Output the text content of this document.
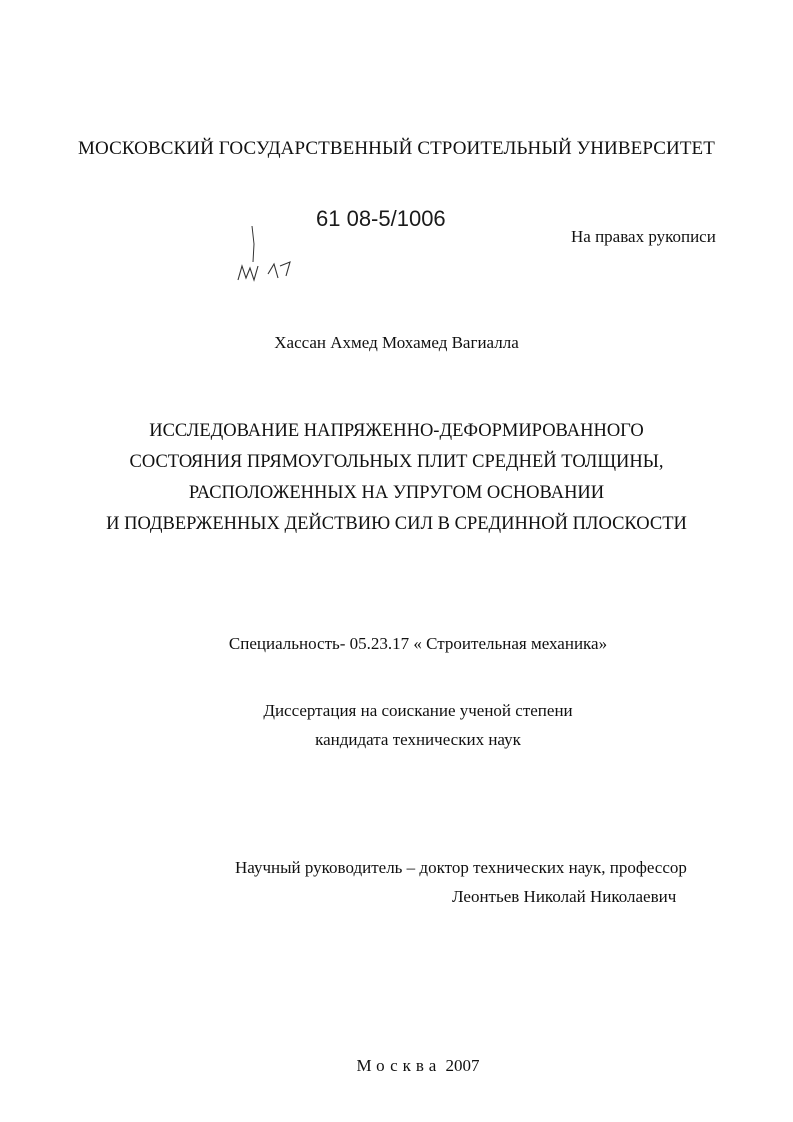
МОСКОВСКИЙ ГОСУДАРСТВЕННЫЙ СТРОИТЕЛЬНЫЙ УНИВЕРСИТЕТ
61 08-5/1006
На правах рукописи
Хассан Ахмед Мохамед Вагиалла
ИССЛЕДОВАНИЕ НАПРЯЖЕННО-ДЕФОРМИРОВАННОГО
СОСТОЯНИЯ ПРЯМОУГОЛЬНЫХ ПЛИТ СРЕДНЕЙ ТОЛЩИНЫ,
РАСПОЛОЖЕННЫХ НА УПРУГОМ ОСНОВАНИИ
И ПОДВЕРЖЕННЫХ ДЕЙСТВИЮ СИЛ В СРЕДИННОЙ ПЛОСКОСТИ
Специальность- 05.23.17 « Строительная механика»
Диссертация на соискание ученой степени
кандидата технических наук
Научный руководитель – доктор технических наук, профессор
Леонтьев Николай Николаевич
Москва 2007
